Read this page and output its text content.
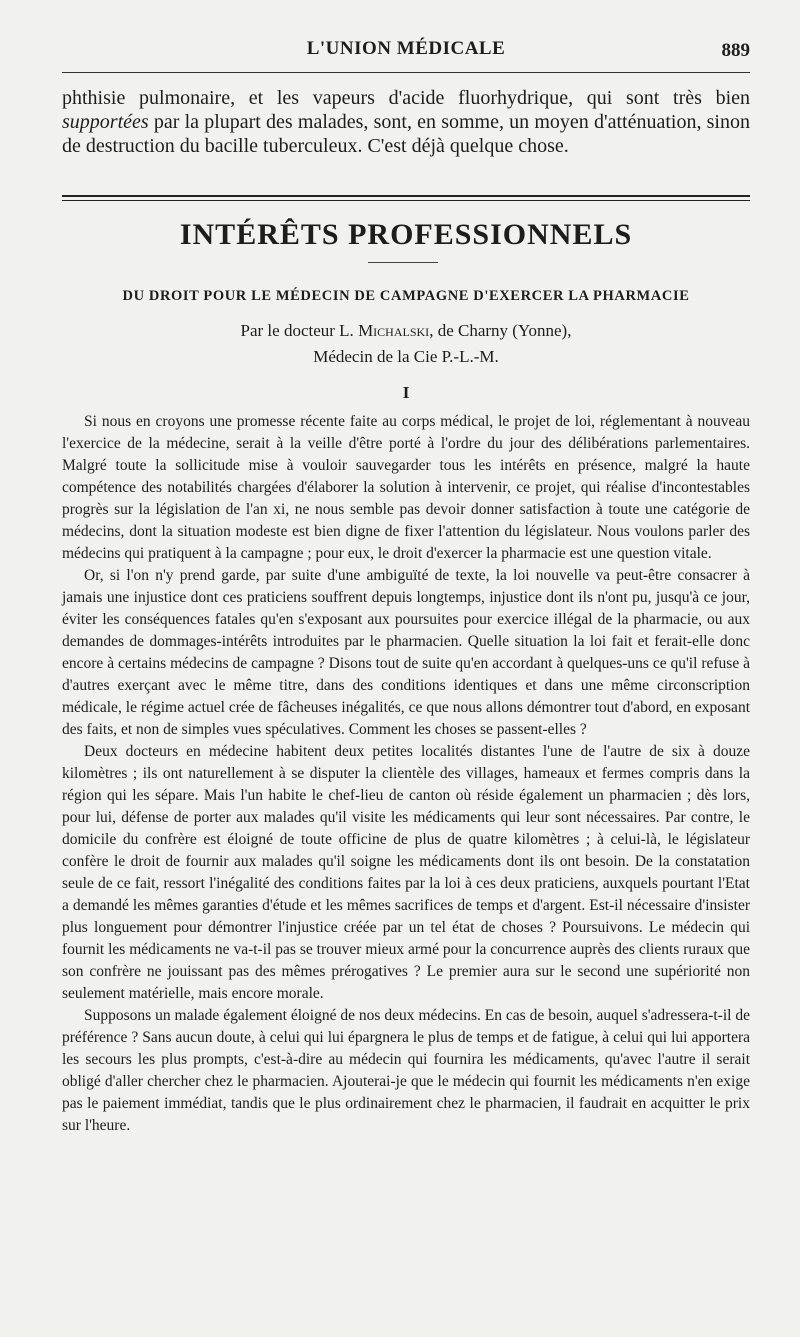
L'UNION MÉDICALE	889
phthisie pulmonaire, et les vapeurs d'acide fluorhydrique, qui sont très bien supportées par la plupart des malades, sont, en somme, un moyen d'atténuation, sinon de destruction du bacille tuberculeux. C'est déjà quelque chose.
INTÉRÊTS PROFESSIONNELS
DU DROIT POUR LE MÉDECIN DE CAMPAGNE D'EXERCER LA PHARMACIE
Par le docteur L. Michalski, de Charny (Yonne),
Médecin de la Cie P.-L.-M.
I

Si nous en croyons une promesse récente faite au corps médical, le projet de loi, réglementant à nouveau l'exercice de la médecine, serait à la veille d'être porté à l'ordre du jour des délibérations parlementaires. Malgré toute la sollicitude mise à vouloir sauvegarder tous les intérêts en présence, malgré la haute compétence des notabilités chargées d'élaborer la solution à intervenir, ce projet, qui réalise d'incontestables progrès sur la législation de l'an xi, ne nous semble pas devoir donner satisfaction à toute une catégorie de médecins, dont la situation modeste est bien digne de fixer l'attention du législateur. Nous voulons parler des médecins qui pratiquent à la campagne ; pour eux, le droit d'exercer la pharmacie est une question vitale.

Or, si l'on n'y prend garde, par suite d'une ambiguïté de texte, la loi nouvelle va peut-être consacrer à jamais une injustice dont ces praticiens souffrent depuis longtemps, injustice dont ils n'ont pu, jusqu'à ce jour, éviter les conséquences fatales qu'en s'exposant aux poursuites pour exercice illégal de la pharmacie, ou aux demandes de dommages-intérêts introduites par le pharmacien. Quelle situation la loi fait et ferait-elle donc encore à certains médecins de campagne ? Disons tout de suite qu'en accordant à quelques-uns ce qu'il refuse à d'autres exerçant avec le même titre, dans des conditions identiques et dans une même circonscription médicale, le régime actuel crée de fâcheuses inégalités, ce que nous allons démontrer tout d'abord, en exposant des faits, et non de simples vues spéculatives. Comment les choses se passent-elles ?

Deux docteurs en médecine habitent deux petites localités distantes l'une de l'autre de six à douze kilomètres ; ils ont naturellement à se disputer la clientèle des villages, hameaux et fermes compris dans la région qui les sépare. Mais l'un habite le chef-lieu de canton où réside également un pharmacien ; dès lors, pour lui, défense de porter aux malades qu'il visite les médicaments qui leur sont nécessaires. Par contre, le domicile du confrère est éloigné de toute officine de plus de quatre kilomètres ; à celui-là, le législateur confère le droit de fournir aux malades qu'il soigne les médicaments dont ils ont besoin. De la constatation seule de ce fait, ressort l'inégalité des conditions faites par la loi à ces deux praticiens, auxquels pourtant l'Etat a demandé les mêmes garanties d'étude et les mêmes sacrifices de temps et d'argent. Est-il nécessaire d'insister plus longuement pour démontrer l'injustice créée par un tel état de choses ? Poursuivons. Le médecin qui fournit les médicaments ne va-t-il pas se trouver mieux armé pour la concurrence auprès des clients ruraux que son confrère ne jouissant pas des mêmes prérogatives ? Le premier aura sur le second une supériorité non seulement matérielle, mais encore morale.

Supposons un malade également éloigné de nos deux médecins. En cas de besoin, auquel s'adressera-t-il de préférence ? Sans aucun doute, à celui qui lui épargnera le plus de temps et de fatigue, à celui qui lui apportera les secours les plus prompts, c'est-à-dire au médecin qui fournira les médicaments, qu'avec l'autre il serait obligé d'aller chercher chez le pharmacien. Ajouterai-je que le médecin qui fournit les médicaments n'en exige pas le paiement immédiat, tandis que le plus ordinairement chez le pharmacien, il faudrait en acquitter le prix sur l'heure.
